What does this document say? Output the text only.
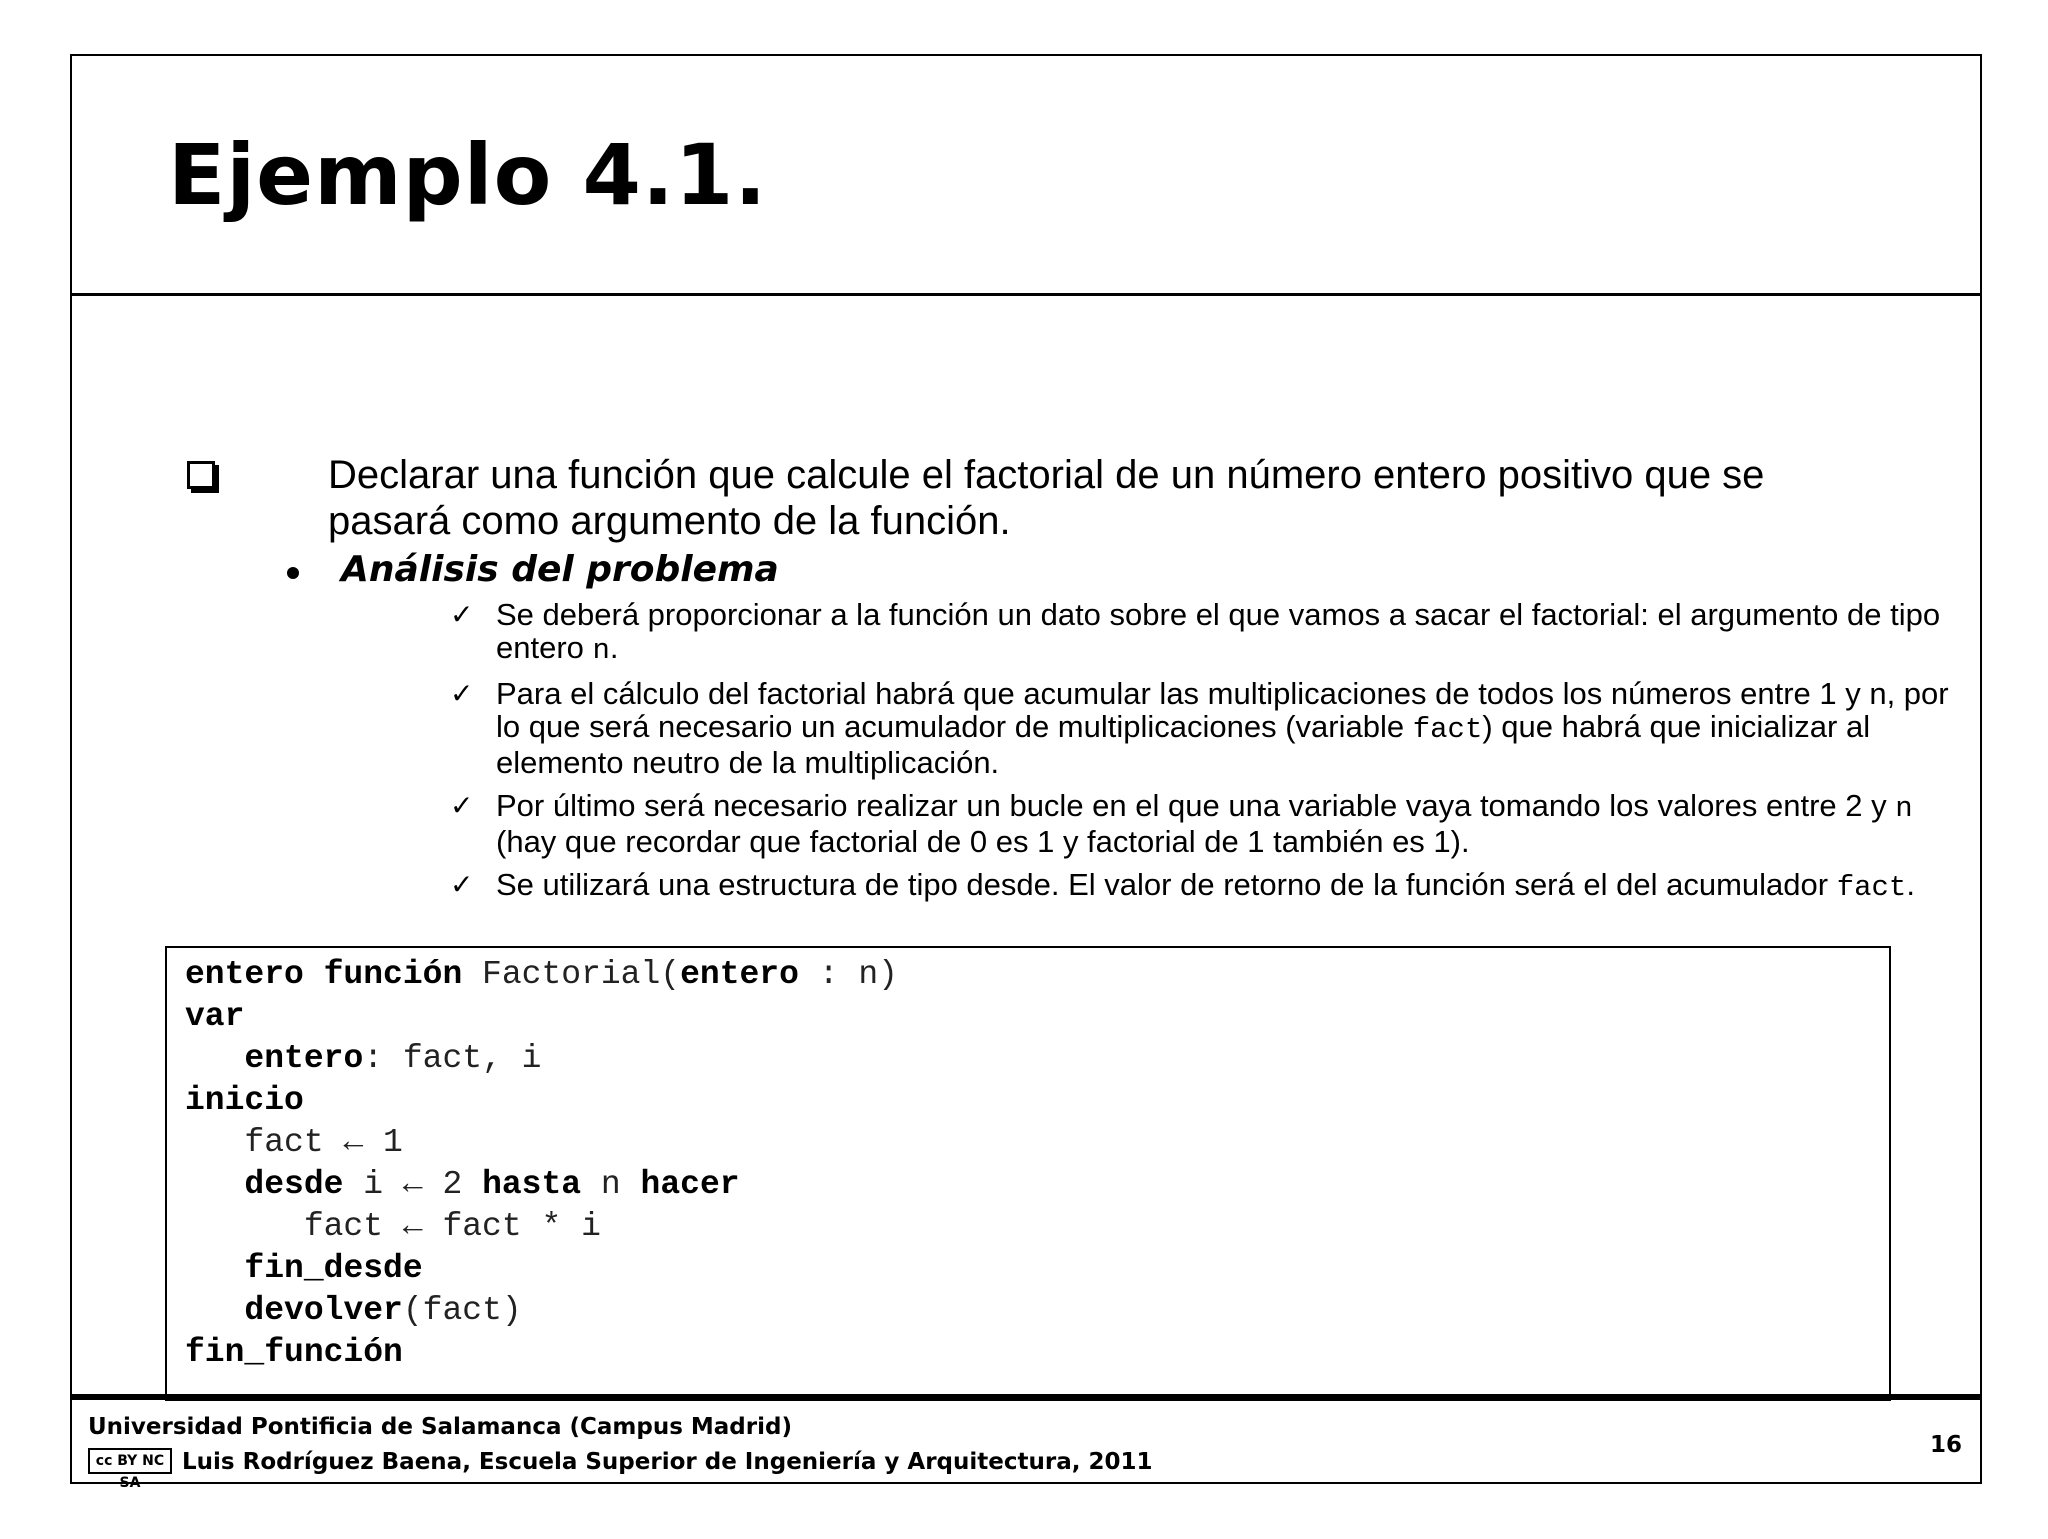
Ejemplo 4.1.
Declarar una función que calcule el factorial de un número entero positivo que se pasará como argumento de la función.
Análisis del problema
✓ Se deberá proporcionar a la función un dato sobre el que vamos a sacar el factorial: el argumento de tipo entero n.
✓ Para el cálculo del factorial habrá que acumular las multiplicaciones de todos los números entre 1 y n, por lo que será necesario un acumulador de multiplicaciones (variable fact) que habrá que inicializar al elemento neutro de la multiplicación.
✓ Por último será necesario realizar un bucle en el que una variable vaya tomando los valores entre 2 y n (hay que recordar que factorial de 0 es 1 y factorial de 1 también es 1).
✓ Se utilizará una estructura de tipo desde. El valor de retorno de la función será el del acumulador fact.
entero función Factorial(entero : n)
var
entero: fact, i
inicio
fact ← 1
desde i ← 2 hasta n hacer
fact ← fact * i
fin_desde
devolver(fact)
fin_función
Universidad Pontificia de Salamanca (Campus Madrid)
cc BY NC SA
Luis Rodríguez Baena, Escuela Superior de Ingeniería y Arquitectura, 2011
16
